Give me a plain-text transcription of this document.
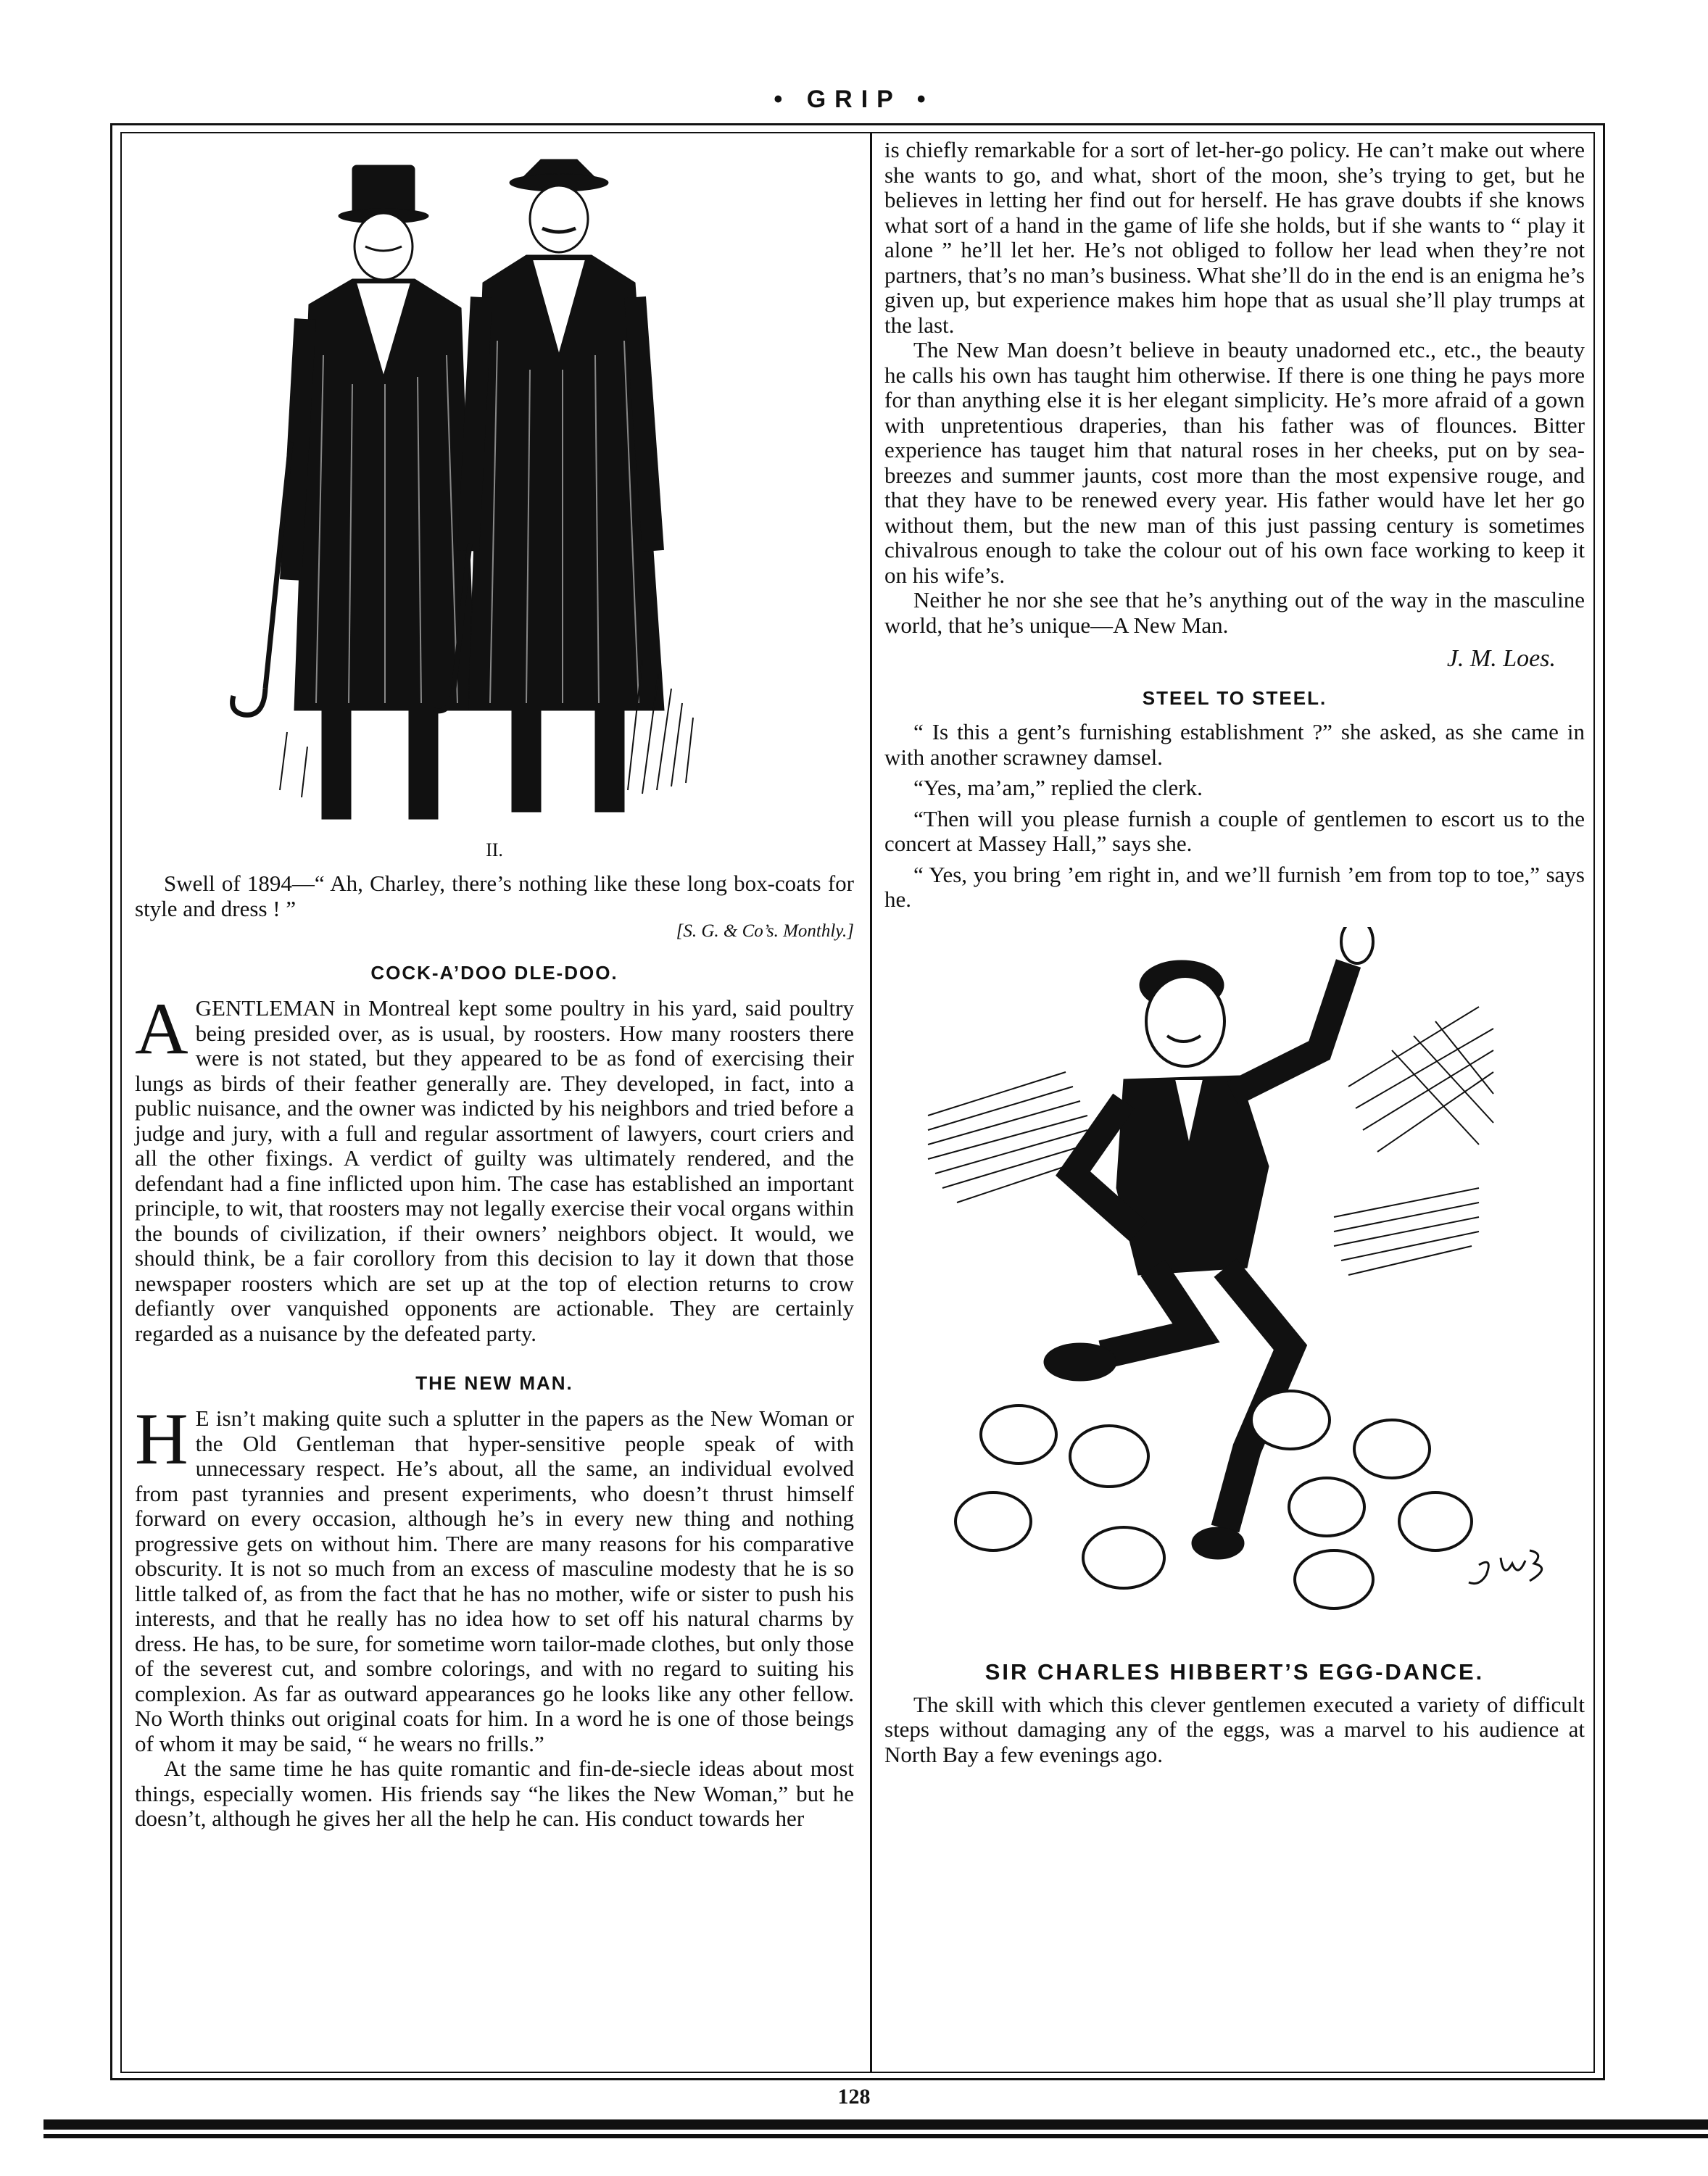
• GRIP •
II.

Swell of 1894—“ Ah, Charley, there’s nothing like these long box-coats for style and dress ! ”

[S. G. & Co’s. Monthly.]
COCK-A’DOO DLE-DOO.

AGENTLEMAN in Montreal kept some poultry in his yard, said poultry being presided over, as is usual, by roosters. How many roosters there were is not stated, but they appeared to be as fond of exercising their lungs as birds of their feather generally are. They developed, in fact, into a public nuisance, and the owner was indicted by his neighbors and tried before a judge and jury, with a full and regular assortment of lawyers, court criers and all the other fixings. A verdict of guilty was ultimately rendered, and the defendant had a fine inflicted upon him. The case has established an important principle, to wit, that roosters may not legally exercise their vocal organs within the bounds of civilization, if their owners’ neighbors object. It would, we should think, be a fair corollory from this decision to lay it down that those newspaper roosters which are set up at the top of election returns to crow defiantly over vanquished opponents are actionable. They are certainly regarded as a nuisance by the defeated party.

THE NEW MAN.

H E isn’t making quite such a splutter in the papers as the New Woman or the Old Gentleman that hyper-sensitive people speak of with unnecessary respect. He’s about, all the same, an individual evolved from past tyrannies and present experiments, who doesn’t thrust himself forward on every occasion, although he’s in every new thing and nothing progressive gets on without him. There are many reasons for his comparative obscurity. It is not so much from an excess of masculine modesty that he is so little talked of, as from the fact that he has no mother, wife or sister to push his interests, and that he really has no idea how to set off his natural charms by dress. He has, to be sure, for sometime worn tailor-made clothes, but only those of the severest cut, and sombre colorings, and with no regard to suiting his complexion. As far as outward appearances go he looks like any other fellow. No Worth thinks out original coats for him. In a word he is one of those beings of whom it may be said, “ he wears no frills.”

At the same time he has quite romantic and fin-de-siecle ideas about most things, especially women. His friends say “he likes the New Woman,” but he doesn’t, although he gives her all the help he can. His conduct towards her

is chiefly remarkable for a sort of let-her-go policy. He can’t make out where she wants to go, and what, short of the moon, she’s trying to get, but he believes in letting her find out for herself. He has grave doubts if she knows what sort of a hand in the game of life she holds, but if she wants to “ play it alone ” he’ll let her. He’s not obliged to follow her lead when they’re not partners, that’s no man’s business. What she’ll do in the end is an enigma he’s given up, but experience makes him hope that as usual she’ll play trumps at the last.

The New Man doesn’t believe in beauty unadorned etc., etc., the beauty he calls his own has taught him otherwise. If there is one thing he pays more for than anything else it is her elegant simplicity. He’s more afraid of a gown with unpretentious draperies, than his father was of flounces. Bitter experience has tauget him that natural roses in her cheeks, put on by sea-breezes and summer jaunts, cost more than the most expensive rouge, and that they have to be renewed every year. His father would have let her go without them, but the new man of this just passing century is sometimes chivalrous enough to take the colour out of his own face working to keep it on his wife’s.

Neither he nor she see that he’s anything out of the way in the masculine world, that he’s unique—A New Man.

J. M. Loes.
STEEL TO STEEL.

“ Is this a gent’s furnishing establishment ?” she asked, as she came in with another scrawney damsel.

“Yes, ma’am,” replied the clerk.

“Then will you please furnish a couple of gentlemen to escort us to the concert at Massey Hall,” says she.

“ Yes, you bring ’em right in, and we’ll furnish ’em from top to toe,” says he.

SIR CHARLES HIBBERT’S EGG-DANCE.

The skill with which this clever gentlemen executed a variety of difficult steps without damaging any of the eggs, was a marvel to his audience at North Bay a few evenings ago.

128
